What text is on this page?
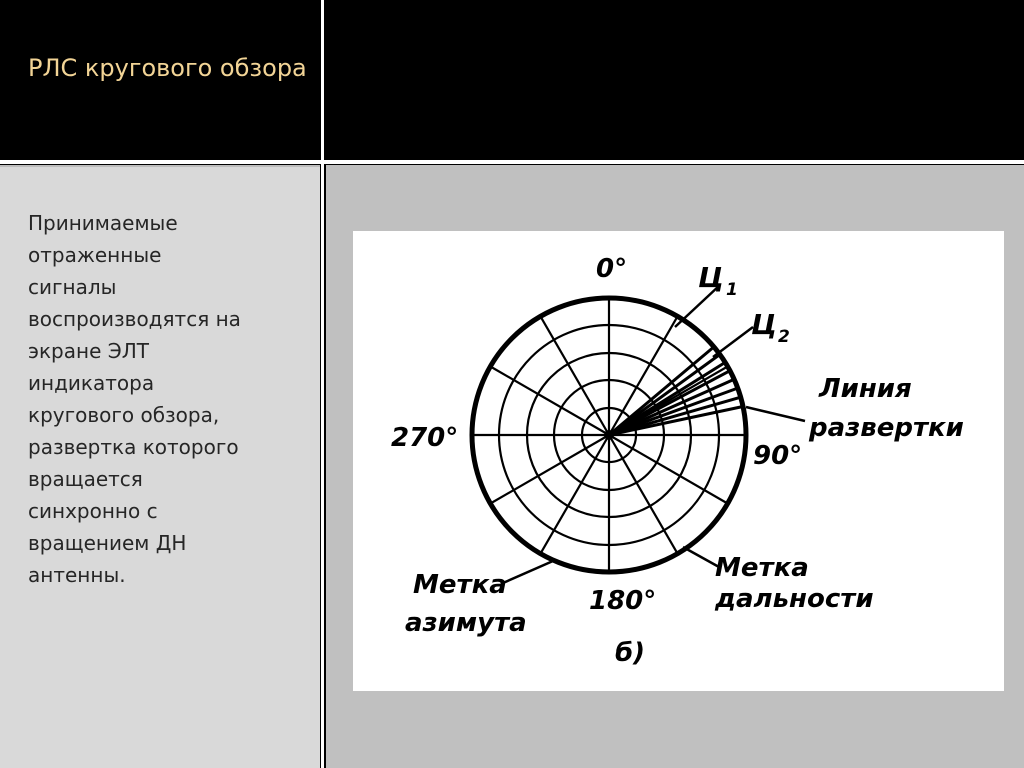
РЛС кругового обзора
Принимаемые
отраженные
сигналы
воспроизводятся на
экране ЭЛТ
индикатора
кругового обзора,
развертка которого
вращается
синхронно с
вращением ДН
антенны.
0°	Ц 1
Ц 2
Линия
развертки
270°
90°
Метка
дальности
Метка
азимута
180°
б)
